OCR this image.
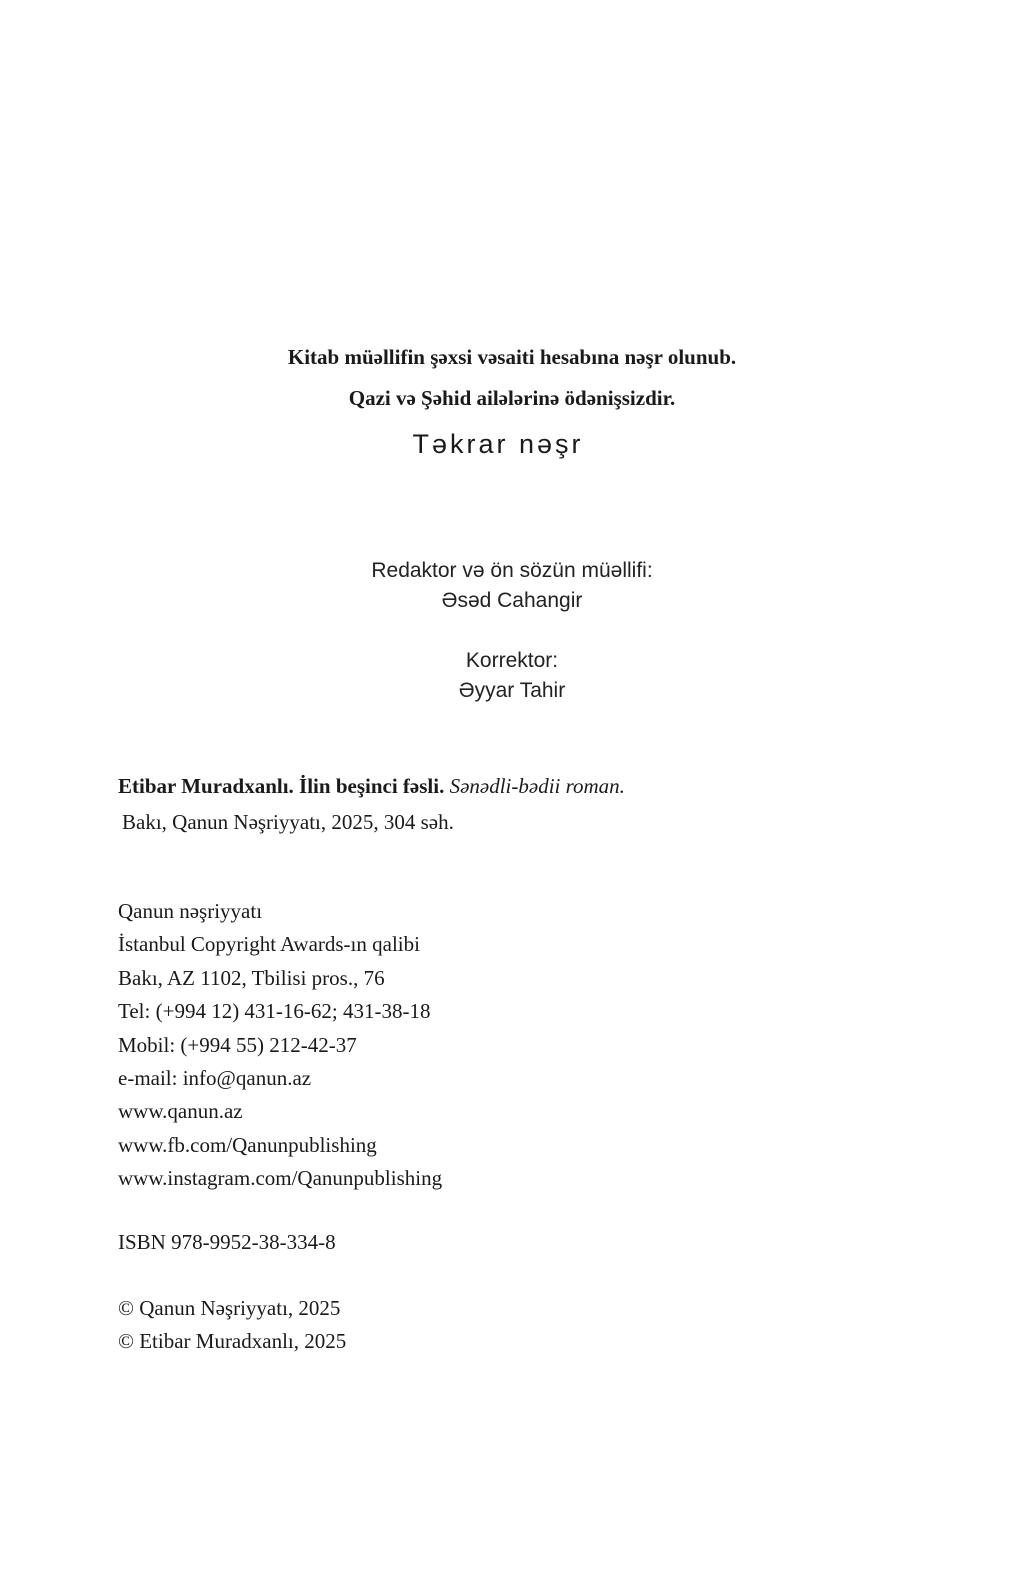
Kitab müəllifin şəxsi vəsaiti hesabına nəşr olunub.

Qazi və Şəhid ailələrinə ödənişsizdir.

Təkrar nəşr
Redaktor və ön sözün müəllifi:
Əsəd Cahangir
Korrektor:
Əyyar Tahir
Etibar Muradxanlı. İlin beşinci fəsli. Sənədli-bədii roman.
Bakı, Qanun Nəşriyyatı, 2025, 304 səh.
Qanun nəşriyyatı
İstanbul Copyright Awards-ın qalibi
Bakı, AZ 1102, Tbilisi pros., 76
Tel: (+994 12) 431-16-62; 431-38-18
Mobil: (+994 55) 212-42-37
e-mail: info@qanun.az
www.qanun.az
www.fb.com/Qanunpublishing
www.instagram.com/Qanunpublishing
ISBN 978-9952-38-334-8
© Qanun Nəşriyyatı, 2025
© Etibar Muradxanlı, 2025
